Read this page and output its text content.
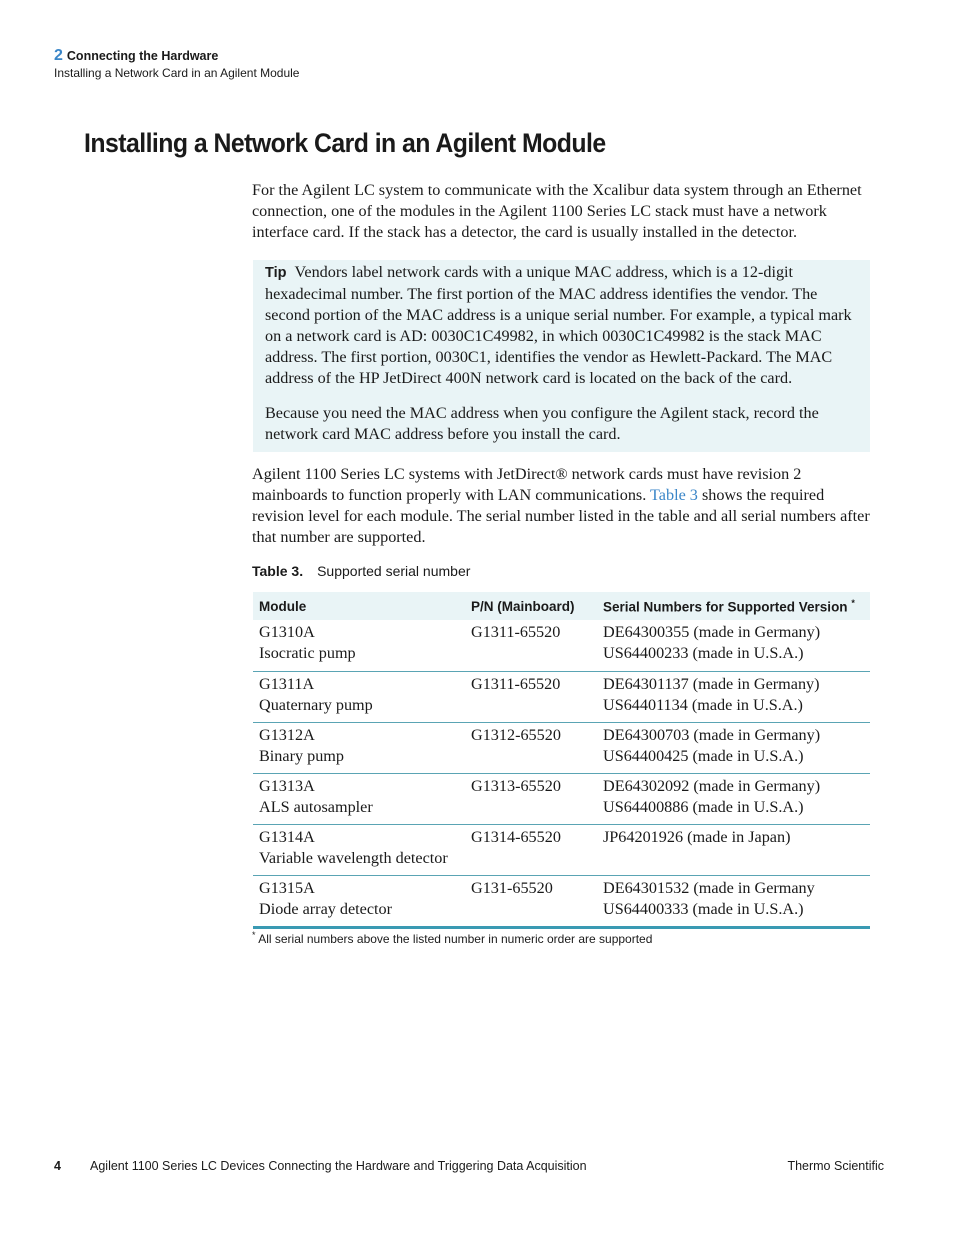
2 Connecting the Hardware
Installing a Network Card in an Agilent Module
Installing a Network Card in an Agilent Module

For the Agilent LC system to communicate with the Xcalibur data system through an Ethernet connection, one of the modules in the Agilent 1100 Series LC stack must have a network interface card. If the stack has a detector, the card is usually installed in the detector.

Tip Vendors label network cards with a unique MAC address, which is a 12-digit hexadecimal number. The first portion of the MAC address identifies the vendor. The second portion of the MAC address is a unique serial number. For example, a typical mark on a network card is AD: 0030C1C49982, in which 0030C1C49982 is the stack MAC address. The first portion, 0030C1, identifies the vendor as Hewlett-Packard. The MAC address of the HP JetDirect 400N network card is located on the back of the card.

Because you need the MAC address when you configure the Agilent stack, record the network card MAC address before you install the card.

Agilent 1100 Series LC systems with JetDirect® network cards must have revision 2 mainboards to function properly with LAN communications. Table 3 shows the required revision level for each module. The serial number listed in the table and all serial numbers after that number are supported.

Table 3. Supported serial number
Module	P/N (Mainboard)	Serial Numbers for Supported Version *

G1310A
Isocratic pump	G1311-65520	DE64300355 (made in Germany)
US64400233 (made in U.S.A.)

G1311A
Quaternary pump	G1311-65520	DE64301137 (made in Germany)
US64401134 (made in U.S.A.)

G1312A
Binary pump	G1312-65520	DE64300703 (made in Germany)
US64400425 (made in U.S.A.)

G1313A
ALS autosampler	G1313-65520	DE64302092 (made in Germany)
US64400886 (made in U.S.A.)

G1314A
Variable wavelength detector	G1314-65520	JP64201926 (made in Japan)

G1315A
Diode array detector	G131-65520	DE64301532 (made in Germany
US64400333 (made in U.S.A.)
* All serial numbers above the listed number in numeric order are supported
4 Agilent 1100 Series LC Devices Connecting the Hardware and Triggering Data Acquisition	Thermo Scientific
